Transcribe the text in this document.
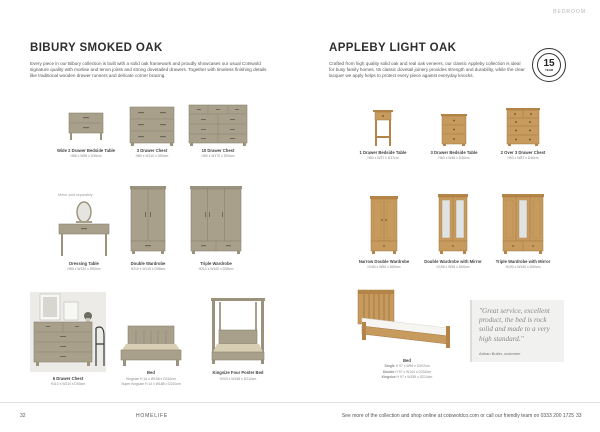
BEDROOM
BIBURY SMOKED OAK
Every piece in our Bibury collection is built with a solid oak framework and proudly showcases our usual Cotswold signature quality with mortise and tenon joints and strong dovetailed drawers. Together with timeless finishing details like traditional wooden drawer runners and delicate corner bracing.
Wide 2 Drawer Bedside Table
H58 x W65 x D35cm
3 Drawer Chest
H80 x W110 x D50cm
10 Drawer Chest
H80 x W170 x D50cm
Mirror sold separately
Dressing Table
H80 x W120 x D50cm
Double Wardrobe
H210 x W115 x D58cm
Triple Wardrobe
H210 x W160 x D58cm
6 Drawer Chest
H110 x W110 x D50cm
Bed
Kingsize H 14 x W158 x D210cm
Super Kingsize H 14 x W188 x D210cm
Kingsize Four Poster Bed
H203 x W158 x D210cm
APPLEBY LIGHT OAK
Crafted from high quality solid oak and real oak veneers, our classic Appleby collection is ideal for busy family homes. Its classic dovetail joinery provides strength and durability, while the clear lacquer we apply helps to protect every piece against everyday knocks.
15
YEAR
1 Drawer Bedside Table
H60 x W37 x D37cm
3 Drawer Bedside Table
H60 x W48 x D46cm
2 Over 3 Drawer Chest
H93 x W87 x D46cm
Narrow Double Wardrobe
H183 x W80 x D60cm
Double Wardrobe with Mirror
H196 x W98 x D60cm
Triple Wardrobe with Mirror
H190 x W140 x D60cm
Bed
Single H 97 x W99 x D202cm
Double H 97 x W144 x D202cm
Kingsize H 97 x W159 x D210cm
"Great service, excellent product, the bed is rock solid and made to a very high standard."
Adrian Butler, customer
32	HOMELIFE	See more of the collection and shop online at cotswoldco.com or call our friendly team on 0333 200 1725 33
